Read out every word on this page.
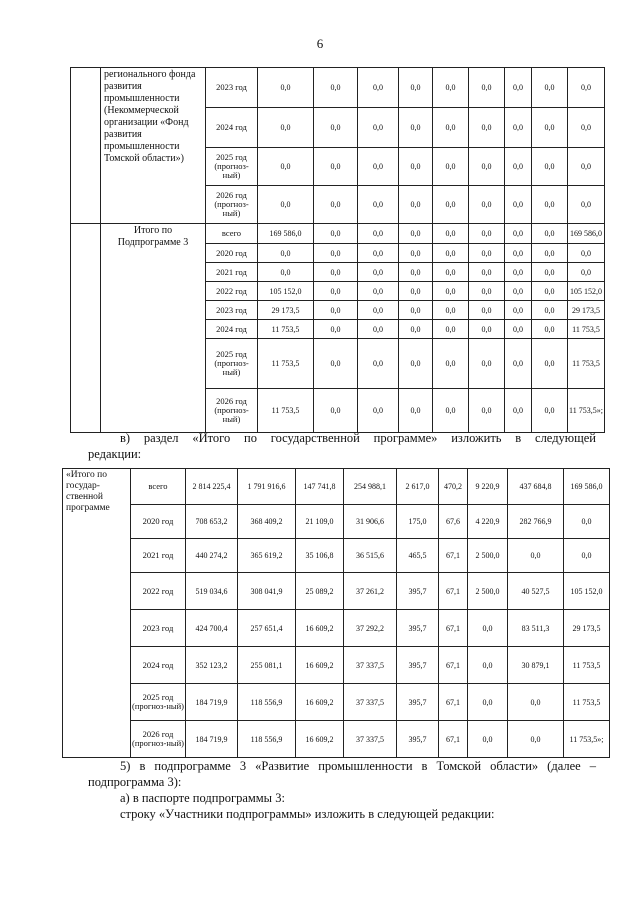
6
	регионального фонда развития промышленности (Некоммерческой организации «Фонд развития промышленности Томской области»)	2023 год	0,0	0,0	0,0	0,0	0,0	0,0	0,0	0,0	0,0
		2024 год	0,0	0,0	0,0	0,0	0,0	0,0	0,0	0,0	0,0
		2025 год (прогноз-ный)	0,0	0,0	0,0	0,0	0,0	0,0	0,0	0,0	0,0
		2026 год (прогноз-ный)	0,0	0,0	0,0	0,0	0,0	0,0	0,0	0,0	0,0
	Итого по Подпрограмме 3	всего	169 586,0	0,0	0,0	0,0	0,0	0,0	0,0	0,0	169 586,0
		2020 год	0,0	0,0	0,0	0,0	0,0	0,0	0,0	0,0	0,0
		2021 год	0,0	0,0	0,0	0,0	0,0	0,0	0,0	0,0	0,0
		2022 год	105 152,0	0,0	0,0	0,0	0,0	0,0	0,0	0,0	105 152,0
		2023 год	29 173,5	0,0	0,0	0,0	0,0	0,0	0,0	0,0	29 173,5
		2024 год	11 753,5	0,0	0,0	0,0	0,0	0,0	0,0	0,0	11 753,5
		2025 год (прогноз-ный)	11 753,5	0,0	0,0	0,0	0,0	0,0	0,0	0,0	11 753,5
		2026 год (прогноз-ный)	11 753,5	0,0	0,0	0,0	0,0	0,0	0,0	0,0	11 753,5»;

в) раздел «Итого по государственной программе» изложить в следующей

редакции:

«Итого по государ-ственной программе	всего	2 814 225,4	1 791 916,6	147 741,8	254 988,1	2 617,0	470,2	9 220,9	437 684,8	169 586,0
	2020 год	708 653,2	368 409,2	21 109,0	31 906,6	175,0	67,6	4 220,9	282 766,9	0,0
	2021 год	440 274,2	365 619,2	35 106,8	36 515,6	465,5	67,1	2 500,0	0,0	0,0
	2022 год	519 034,6	308 041,9	25 089,2	37 261,2	395,7	67,1	2 500,0	40 527,5	105 152,0
	2023 год	424 700,4	257 651,4	16 609,2	37 292,2	395,7	67,1	0,0	83 511,3	29 173,5
	2024 год	352 123,2	255 081,1	16 609,2	37 337,5	395,7	67,1	0,0	30 879,1	11 753,5
	2025 год (прогноз-ный)	184 719,9	118 556,9	16 609,2	37 337,5	395,7	67,1	0,0	0,0	11 753,5
	2026 год (прогноз-ный)	184 719,9	118 556,9	16 609,2	37 337,5	395,7	67,1	0,0	0,0	11 753,5»;

5) в подпрограмме 3 «Развитие промышленности в Томской области» (далее –

подпрограмма 3):

а) в паспорте подпрограммы 3:

строку «Участники подпрограммы» изложить в следующей редакции:
